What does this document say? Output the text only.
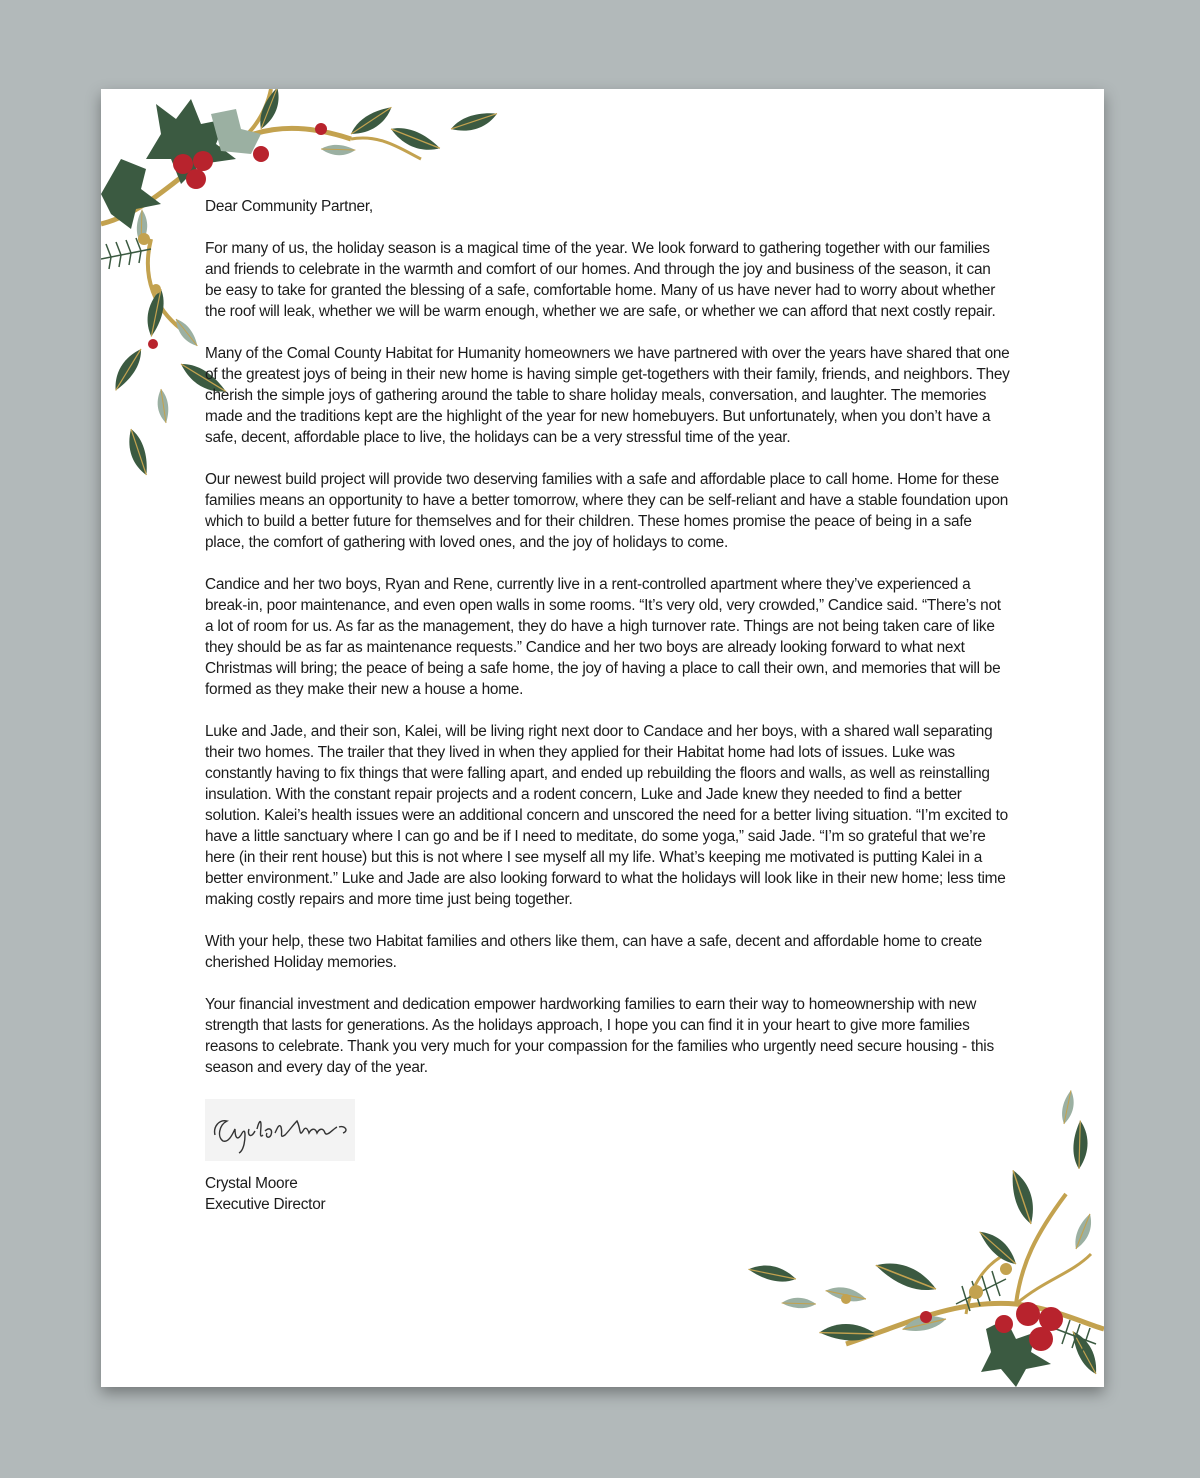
Dear Community Partner,

For many of us, the holiday season is a magical time of the year. We look forward to gathering together with our families and friends to celebrate in the warmth and comfort of our homes. And through the joy and business of the season, it can be easy to take for granted the blessing of a safe, comfortable home. Many of us have never had to worry about whether the roof will leak, whether we will be warm enough, whether we are safe, or whether we can afford that next costly repair.

Many of the Comal County Habitat for Humanity homeowners we have partnered with over the years have shared that one of the greatest joys of being in their new home is having simple get-togethers with their family, friends, and neighbors. They cherish the simple joys of gathering around the table to share holiday meals, conversation, and laughter. The memories made and the traditions kept are the highlight of the year for new homebuyers. But unfortunately, when you don’t have a safe, decent, affordable place to live, the holidays can be a very stressful time of the year.

Our newest build project will provide two deserving families with a safe and affordable place to call home. Home for these families means an opportunity to have a better tomorrow, where they can be self-reliant and have a stable foundation upon which to build a better future for themselves and for their children. These homes promise the peace of being in a safe place, the comfort of gathering with loved ones, and the joy of holidays to come.

Candice and her two boys, Ryan and Rene, currently live in a rent-controlled apartment where they’ve experienced a break-in, poor maintenance, and even open walls in some rooms. “It’s very old, very crowded,” Candice said. “There’s not a lot of room for us. As far as the management, they do have a high turnover rate. Things are not being taken care of like they should be as far as maintenance requests.” Candice and her two boys are already looking forward to what next Christmas will bring; the peace of being a safe home, the joy of having a place to call their own, and memories that will be formed as they make their new a house a home.

Luke and Jade, and their son, Kalei, will be living right next door to Candace and her boys, with a shared wall separating their two homes. The trailer that they lived in when they applied for their Habitat home had lots of issues. Luke was constantly having to fix things that were falling apart, and ended up rebuilding the floors and walls, as well as reinstalling insulation. With the constant repair projects and a rodent concern, Luke and Jade knew they needed to find a better solution. Kalei’s health issues were an additional concern and unscored the need for a better living situation. “I’m excited to have a little sanctuary where I can go and be if I need to meditate, do some yoga,” said Jade. “I’m so grateful that we’re here (in their rent house) but this is not where I see myself all my life. What’s keeping me motivated is putting Kalei in a better environment.” Luke and Jade are also looking forward to what the holidays will look like in their new home; less time making costly repairs and more time just being together.

With your help, these two Habitat families and others like them, can have a safe, decent and affordable home to create cherished Holiday memories.

Your financial investment and dedication empower hardworking families to earn their way to homeownership with new strength that lasts for generations. As the holidays approach, I hope you can find it in your heart to give more families reasons to celebrate. Thank you very much for your compassion for the families who urgently need secure housing - this season and every day of the year.

Crystal Moore
Executive Director
